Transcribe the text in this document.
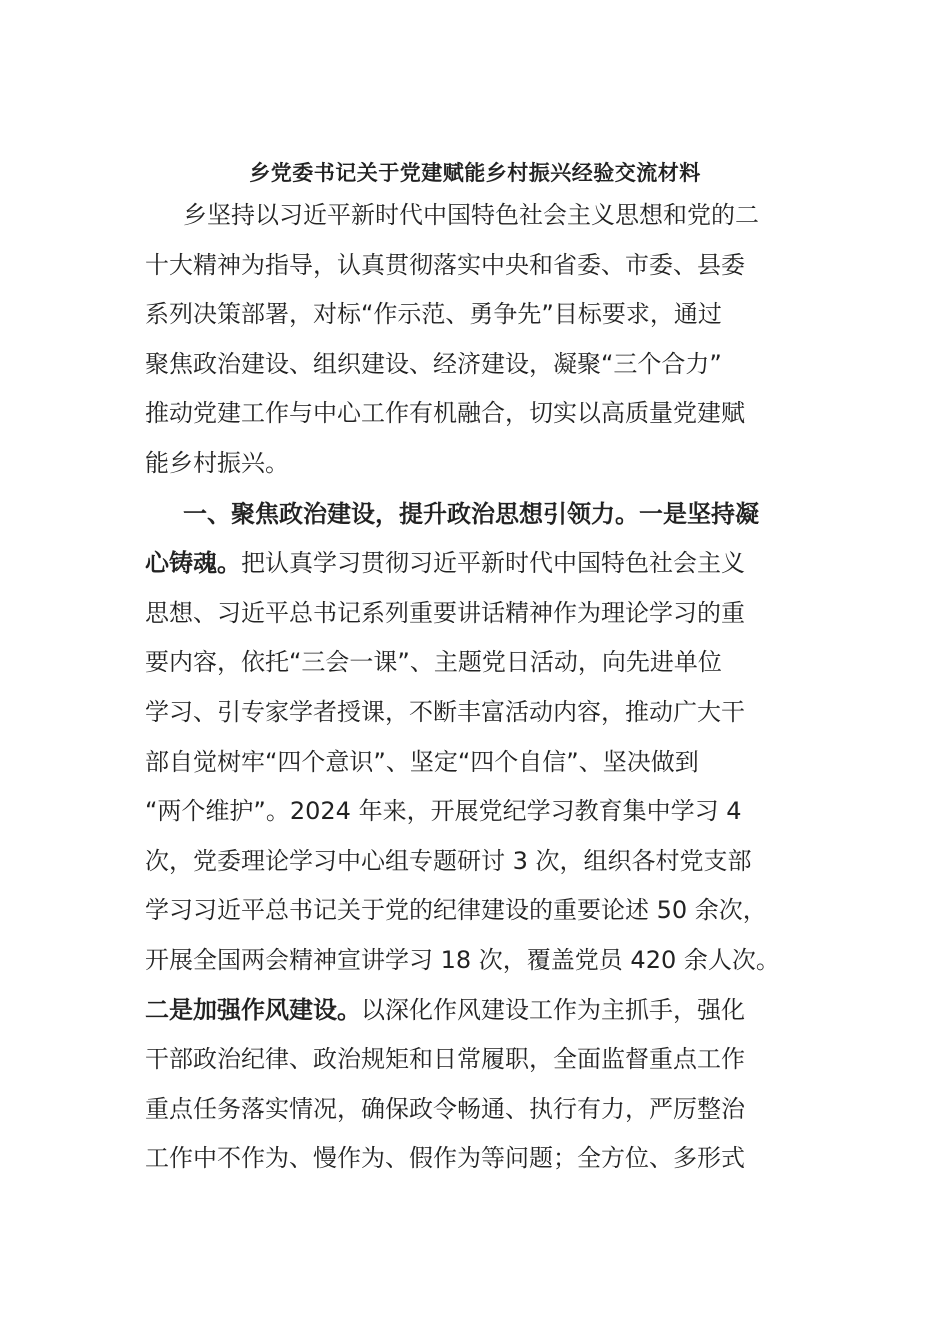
乡党委书记关于党建赋能乡村振兴经验交流材料
乡坚持以习近平新时代中国特色社会主义思想和党的二
十大精神为指导，认真贯彻落实中央和省委、市委、县委
系列决策部署，对标“作示范、勇争先”目标要求，通过
聚焦政治建设、组织建设、经济建设，凝聚“三个合力”
推动党建工作与中心工作有机融合，切实以高质量党建赋
能乡村振兴。
一、聚焦政治建设，提升政治思想引领力。一是坚持凝
心铸魂。把认真学习贯彻习近平新时代中国特色社会主义
思想、习近平总书记系列重要讲话精神作为理论学习的重
要内容，依托“三会一课”、主题党日活动，向先进单位
学习、引专家学者授课，不断丰富活动内容，推动广大干
部自觉树牢“四个意识”、坚定“四个自信”、坚决做到
“两个维护”。2024 年来，开展党纪学习教育集中学习 4
次，党委理论学习中心组专题研讨 3 次，组织各村党支部
学习习近平总书记关于党的纪律建设的重要论述 50 余次，
开展全国两会精神宣讲学习 18 次，覆盖党员 420 余人次。
二是加强作风建设。以深化作风建设工作为主抓手，强化
干部政治纪律、政治规矩和日常履职，全面监督重点工作
重点任务落实情况，确保政令畅通、执行有力，严厉整治
工作中不作为、慢作为、假作为等问题；全方位、多形式
